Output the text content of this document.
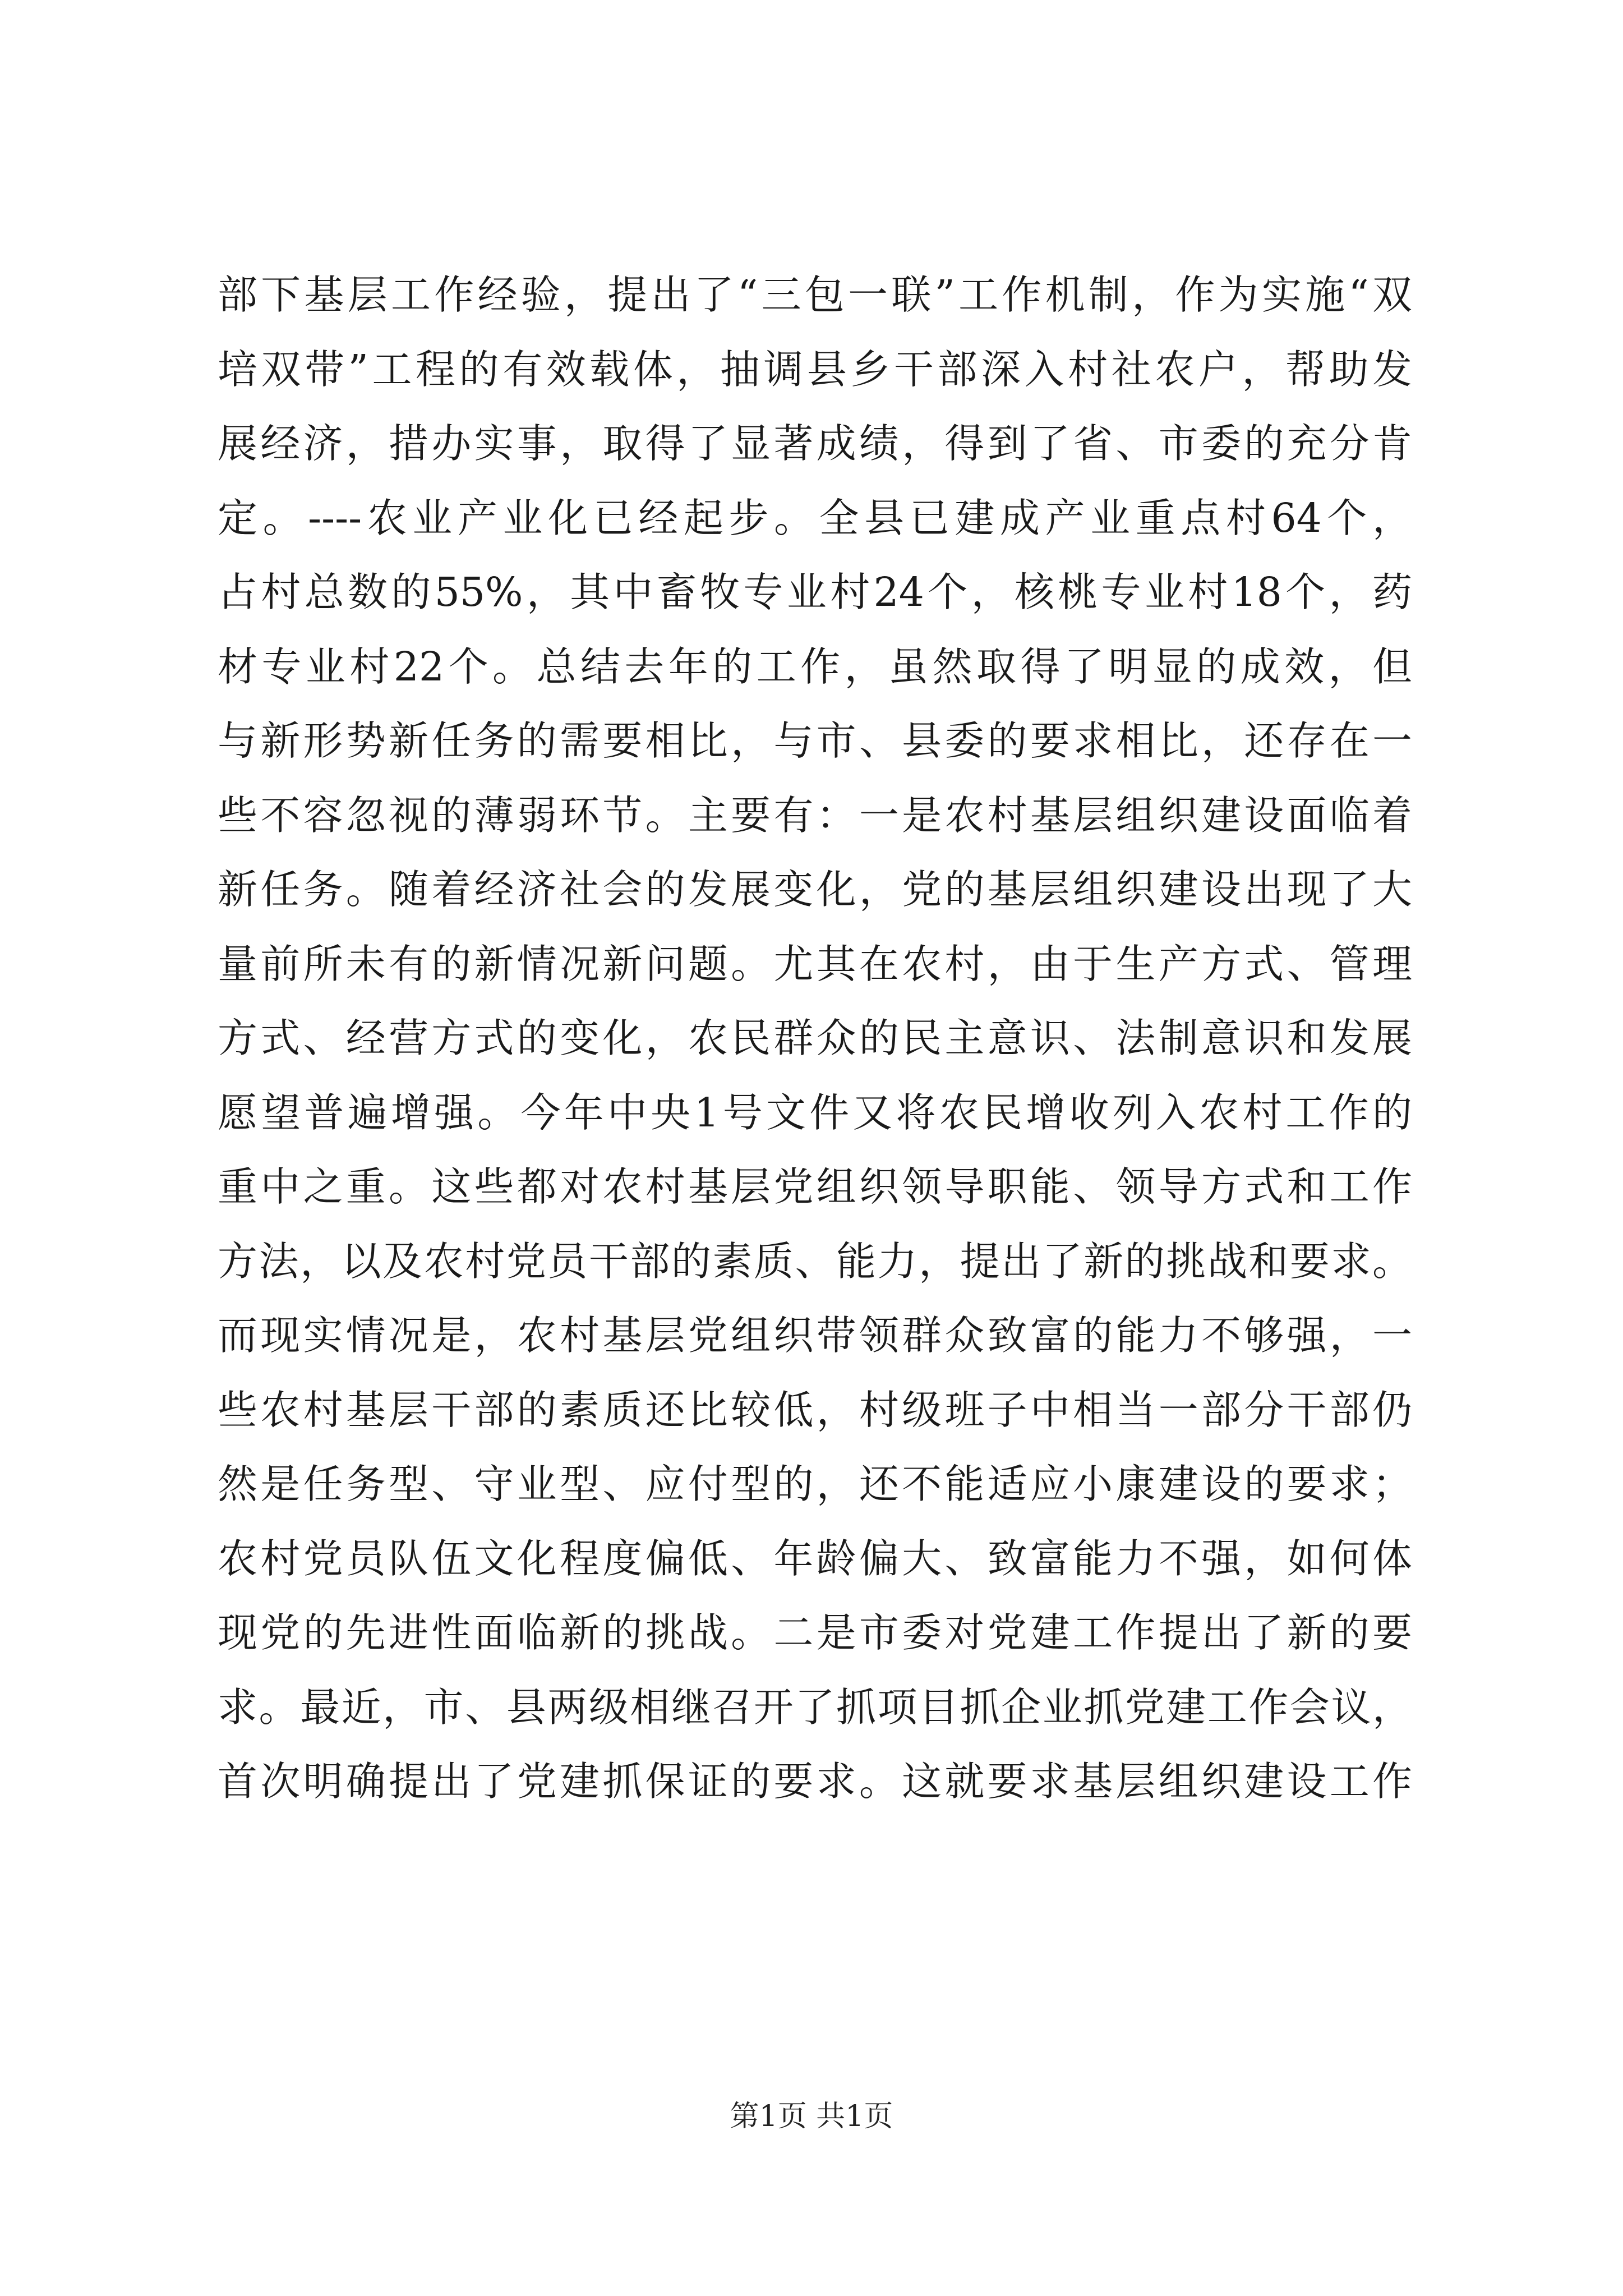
部下基层工作经验，提出了“三包一联”工作机制，作为实施“双
培双带”工程的有效载体，抽调县乡干部深入村社农户，帮助发
展经济，措办实事，取得了显著成绩，得到了省、市委的充分肯
定。----农业产业化已经起步。全县已建成产业重点村64个，
占村总数的55%，其中畜牧专业村24个，核桃专业村18个，药
材专业村22个。总结去年的工作，虽然取得了明显的成效，但
与新形势新任务的需要相比，与市、县委的要求相比，还存在一
些不容忽视的薄弱环节。主要有：一是农村基层组织建设面临着
新任务。随着经济社会的发展变化，党的基层组织建设出现了大
量前所未有的新情况新问题。尤其在农村，由于生产方式、管理
方式、经营方式的变化，农民群众的民主意识、法制意识和发展
愿望普遍增强。今年中央1号文件又将农民增收列入农村工作的
重中之重。这些都对农村基层党组织领导职能、领导方式和工作
方法，以及农村党员干部的素质、能力，提出了新的挑战和要求。
而现实情况是，农村基层党组织带领群众致富的能力不够强，一
些农村基层干部的素质还比较低，村级班子中相当一部分干部仍
然是任务型、守业型、应付型的，还不能适应小康建设的要求；
农村党员队伍文化程度偏低、年龄偏大、致富能力不强，如何体
现党的先进性面临新的挑战。二是市委对党建工作提出了新的要
求。最近，市、县两级相继召开了抓项目抓企业抓党建工作会议，
首次明确提出了党建抓保证的要求。这就要求基层组织建设工作
第1页 共1页
